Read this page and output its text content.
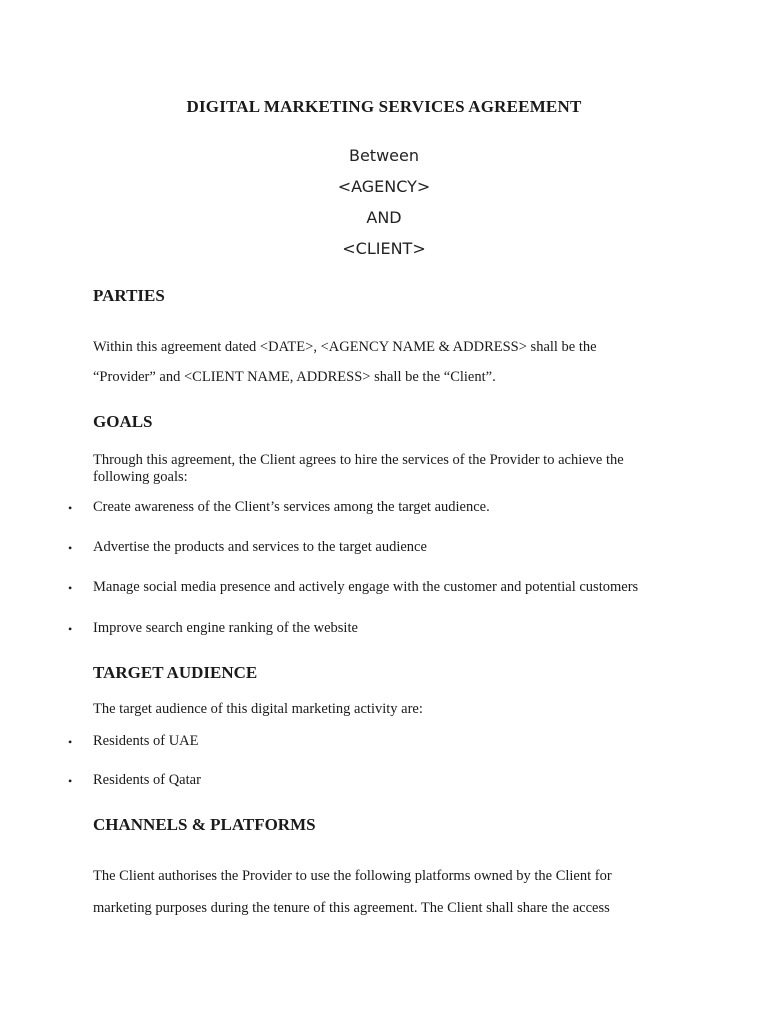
DIGITAL MARKETING SERVICES AGREEMENT
Between
<AGENCY>
AND
<CLIENT>
PARTIES
Within this agreement dated <DATE>, <AGENCY NAME & ADDRESS> shall be the
“Provider” and <CLIENT NAME, ADDRESS> shall be the “Client”.
GOALS
Through this agreement, the Client agrees to hire the services of the Provider to achieve the following goals:
• Create awareness of the Client’s services among the target audience.
• Advertise the products and services to the target audience
• Manage social media presence and actively engage with the customer and potential customers
• Improve search engine ranking of the website
TARGET AUDIENCE
The target audience of this digital marketing activity are:
• Residents of UAE
• Residents of Qatar
CHANNELS & PLATFORMS
The Client authorises the Provider to use the following platforms owned by the Client for
marketing purposes during the tenure of this agreement. The Client shall share the access
